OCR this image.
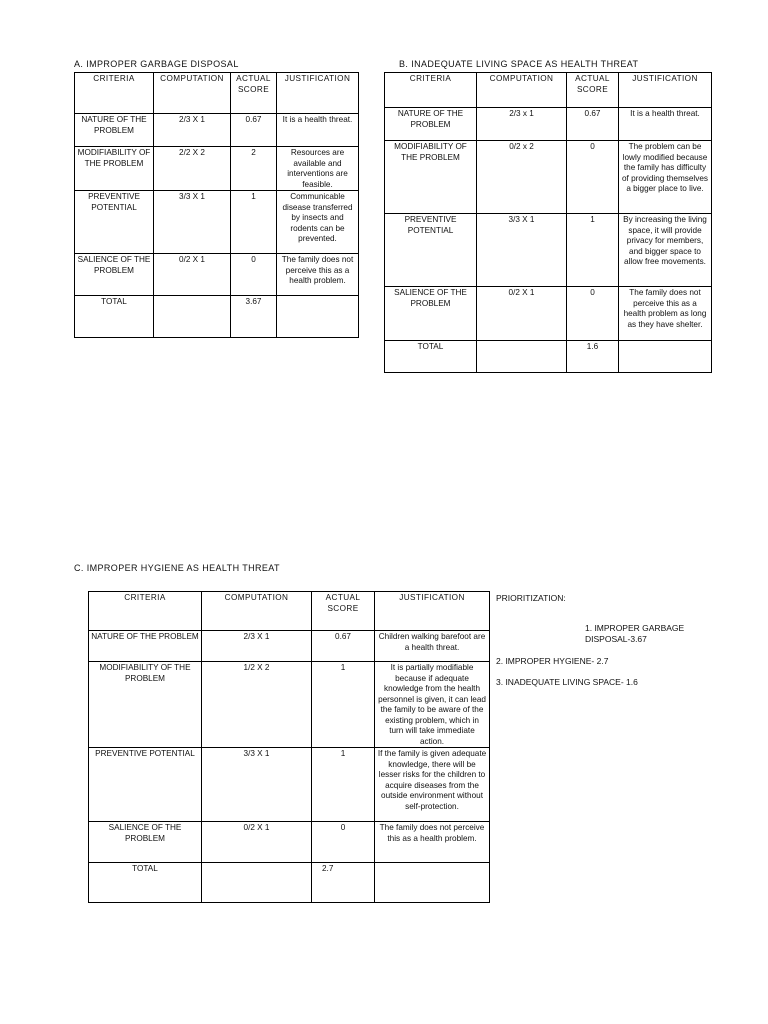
A. IMPROPER GARBAGE DISPOSAL
CRITERIA	COMPUTATION	ACTUAL SCORE	JUSTIFICATION
NATURE OF THE PROBLEM	2/3 X 1	0.67	It is a health threat.
MODIFIABILITY OF THE PROBLEM	2/2 X 2	2	Resources are available and interventions are feasible.
PREVENTIVE POTENTIAL	3/3 X 1	1	Communicable disease transferred by insects and rodents can be prevented.
SALIENCE OF THE PROBLEM	0/2 X 1	0	The family does not perceive this as a health problem.
TOTAL		3.67	
B. INADEQUATE LIVING SPACE AS HEALTH THREAT
CRITERIA	COMPUTATION	ACTUAL SCORE	JUSTIFICATION
NATURE OF THE PROBLEM	2/3 x 1	0.67	It is a health threat.
MODIFIABILITY OF THE PROBLEM	0/2 x 2	0	The problem can be lowly modified because the family has difficulty of providing themselves a bigger place to live.
PREVENTIVE POTENTIAL	3/3 X 1	1	By increasing the living space, it will provide privacy for members, and bigger space to allow free movements.
SALIENCE OF THE PROBLEM	0/2 X 1	0	The family does not perceive this as a health problem as long as they have shelter.
TOTAL		1.6	
C. IMPROPER HYGIENE AS HEALTH THREAT
CRITERIA	COMPUTATION	ACTUAL SCORE	JUSTIFICATION
NATURE OF THE PROBLEM	2/3 X 1	0.67	Children walking barefoot are a health threat.
MODIFIABILITY OF THE PROBLEM	1/2 X 2	1	It is partially modifiable because if adequate knowledge from the health personnel is given, it can lead the family to be aware of the existing problem, which in turn will take immediate action.
PREVENTIVE POTENTIAL	3/3 X 1	1	If the family is given adequate knowledge, there will be lesser risks for the children to acquire diseases from the outside environment without self-protection.
SALIENCE OF THE PROBLEM	0/2 X 1	0	The family does not perceive this as a health problem.
TOTAL		2.7	
PRIORITIZATION:
1. IMPROPER GARBAGE DISPOSAL-3.67
2. IMPROPER HYGIENE- 2.7
3. INADEQUATE LIVING SPACE- 1.6
